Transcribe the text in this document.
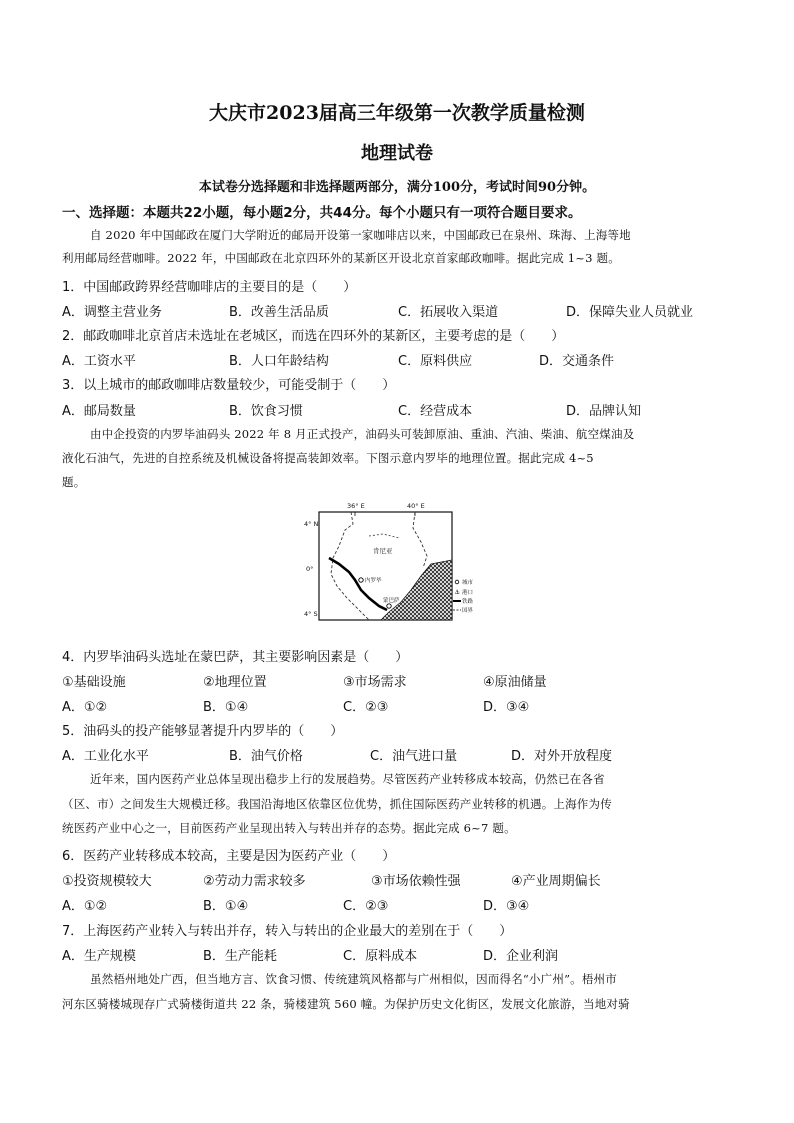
大庆市2023届高三年级第一次教学质量检测
地理试卷
本试卷分选择题和非选择题两部分，满分100分，考试时间90分钟。
一、选择题：本题共22小题，每小题2分，共44分。每个小题只有一项符合题目要求。
自 2020 年中国邮政在厦门大学附近的邮局开设第一家咖啡店以来，中国邮政已在泉州、珠海、上海等地
利用邮局经营咖啡。2022 年，中国邮政在北京四环外的某新区开设北京首家邮政咖啡。据此完成 1~3 题。
1．中国邮政跨界经营咖啡店的主要目的是（　　）
A．调整主营业务	B．改善生活品质	C．拓展收入渠道	D．保障失业人员就业
2．邮政咖啡北京首店未选址在老城区，而选在四环外的某新区，主要考虑的是（　　）
A．工资水平	B．人口年龄结构	C．原料供应	D．交通条件
3．以上城市的邮政咖啡店数量较少，可能受制于（　　）
A．邮局数量	B．饮食习惯	C．经营成本	D．品牌认知
由中企投资的内罗毕油码头 2022 年 8 月正式投产，油码头可装卸原油、重油、汽油、柴油、航空煤油及
液化石油气，先进的自控系统及机械设备将提高装卸效率。下图示意内罗毕的地理位置。据此完成 4~5
题。
36° E	40° E
4° N
0°
4° S
肯尼亚
内罗毕
蒙巴萨
城市
⚓ 港口
铁路
国界
4．内罗毕油码头选址在蒙巴萨，其主要影响因素是（　　）
①基础设施	②地理位置	③市场需求	④原油储量
A．①②	B．①④	C．②③	D．③④
5．油码头的投产能够显著提升内罗毕的（　　）
A．工业化水平	B．油气价格	C．油气进口量	D．对外开放程度
近年来，国内医药产业总体呈现出稳步上行的发展趋势。尽管医药产业转移成本较高，仍然已在各省
（区、市）之间发生大规模迁移。我国沿海地区依靠区位优势，抓住国际医药产业转移的机遇。上海作为传
统医药产业中心之一，目前医药产业呈现出转入与转出并存的态势。据此完成 6~7 题。
6．医药产业转移成本较高，主要是因为医药产业（　　）
①投资规模较大	②劳动力需求较多	③市场依赖性强	④产业周期偏长
A．①②	B．①④	C．②③	D．③④
7．上海医药产业转入与转出并存，转入与转出的企业最大的差别在于（　　）
A．生产规模	B．生产能耗	C．原料成本	D．企业利润
虽然梧州地处广西，但当地方言、饮食习惯、传统建筑风格都与广州相似，因而得名“小广州”。梧州市
河东区骑楼城现存广式骑楼街道共 22 条，骑楼建筑 560 幢。为保护历史文化街区，发展文化旅游，当地对骑
